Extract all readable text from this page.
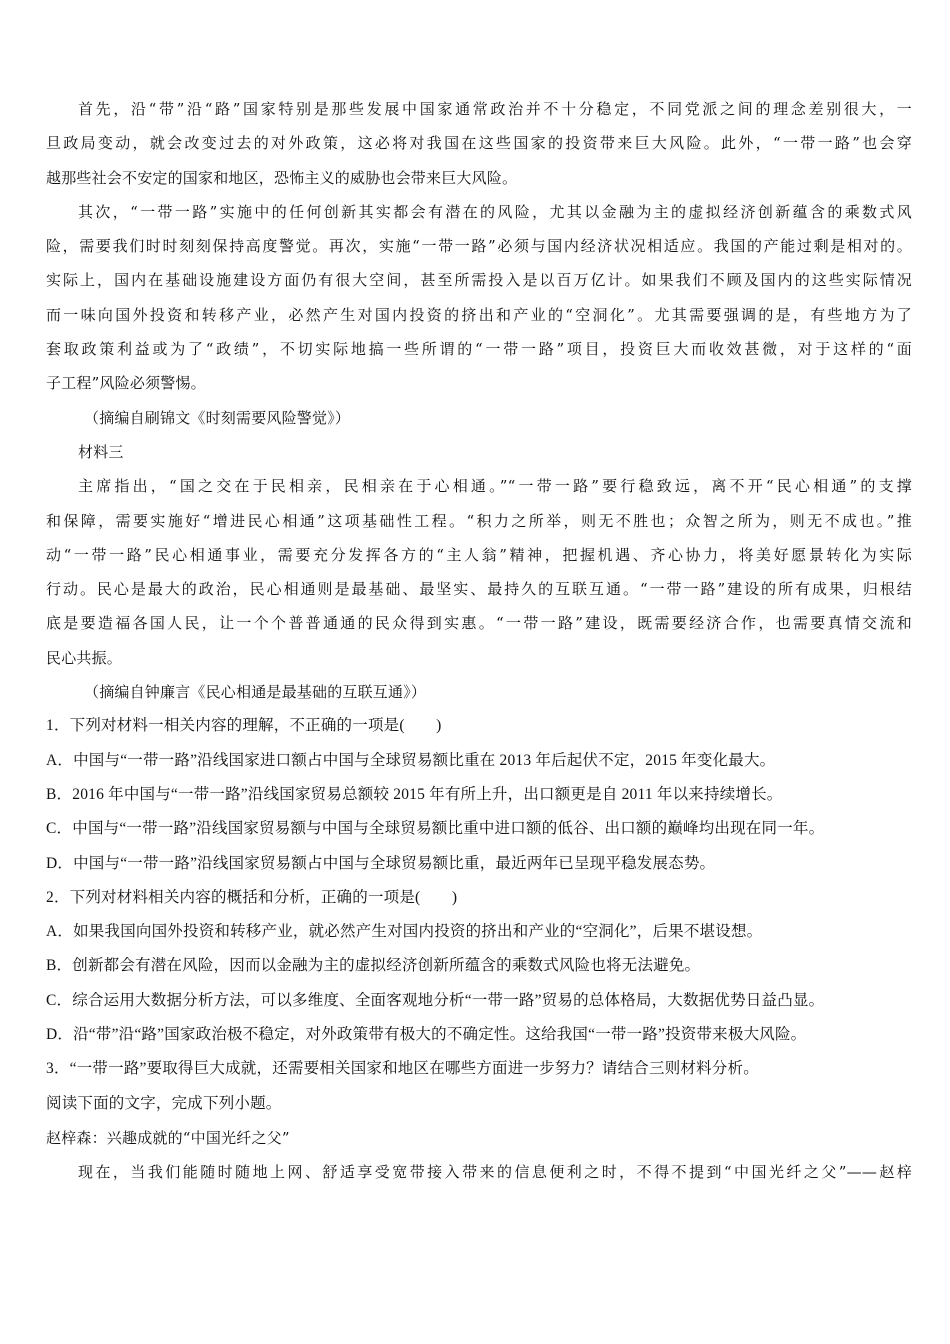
首先，沿“带”沿“路”国家特别是那些发展中国家通常政治并不十分稳定，不同党派之间的理念差别很大，一
旦政局变动，就会改变过去的对外政策，这必将对我国在这些国家的投资带来巨大风险。此外，“一带一路”也会穿
越那些社会不安定的国家和地区，恐怖主义的威胁也会带来巨大风险。
其次，“一带一路”实施中的任何创新其实都会有潜在的风险，尤其以金融为主的虚拟经济创新蕴含的乘数式风
险，需要我们时时刻刻保持高度警觉。再次，实施“一带一路”必须与国内经济状况相适应。我国的产能过剩是相对的。
实际上，国内在基础设施建设方面仍有很大空间，甚至所需投入是以百万亿计。如果我们不顾及国内的这些实际情况
而一味向国外投资和转移产业，必然产生对国内投资的挤出和产业的“空洞化”。尤其需要强调的是，有些地方为了
套取政策利益或为了“政绩”，不切实际地搞一些所谓的“一带一路”项目，投资巨大而收效甚微，对于这样的“面
子工程”风险必须警惕。
（摘编自刷锦文《时刻需要风险警觉》）
材料三
主席指出，“国之交在于民相亲，民相亲在于心相通。”“一带一路”要行稳致远，离不开“民心相通”的支撑
和保障，需要实施好“增进民心相通”这项基础性工程。“积力之所举，则无不胜也；众智之所为，则无不成也。”推
动“一带一路”民心相通事业，需要充分发挥各方的“主人翁”精神，把握机遇、齐心协力，将美好愿景转化为实际
行动。民心是最大的政治，民心相通则是最基础、最坚实、最持久的互联互通。“一带一路”建设的所有成果，归根结
底是要造福各国人民，让一个个普普通通的民众得到实惠。“一带一路”建设，既需要经济合作，也需要真情交流和
民心共振。
（摘编自钟廉言《民心相通是最基础的互联互通》）
1．下列对材料一相关内容的理解，不正确的一项是(　　)
A．中国与“一带一路”沿线国家进口额占中国与全球贸易额比重在 2013 年后起伏不定，2015 年变化最大。
B．2016 年中国与“一带一路”沿线国家贸易总额较 2015 年有所上升，出口额更是自 2011 年以来持续增长。
C．中国与“一带一路”沿线国家贸易额与中国与全球贸易额比重中进口额的低谷、出口额的巅峰均出现在同一年。
D．中国与“一带一路”沿线国家贸易额占中国与全球贸易额比重，最近两年已呈现平稳发展态势。
2．下列对材料相关内容的概括和分析，正确的一项是(　　)
A．如果我国向国外投资和转移产业，就必然产生对国内投资的挤出和产业的“空洞化”，后果不堪设想。
B．创新都会有潜在风险，因而以金融为主的虚拟经济创新所蕴含的乘数式风险也将无法避免。
C．综合运用大数据分析方法，可以多维度、全面客观地分析“一带一路”贸易的总体格局，大数据优势日益凸显。
D．沿“带”沿“路”国家政治极不稳定，对外政策带有极大的不确定性。这给我国“一带一路”投资带来极大风险。
3．“一带一路”要取得巨大成就，还需要相关国家和地区在哪些方面进一步努力？请结合三则材料分析。
阅读下面的文字，完成下列小题。
赵梓森：兴趣成就的“中国光纤之父”
现在，当我们能随时随地上网、舒适享受宽带接入带来的信息便利之时，不得不提到“中国光纤之父”——赵梓
